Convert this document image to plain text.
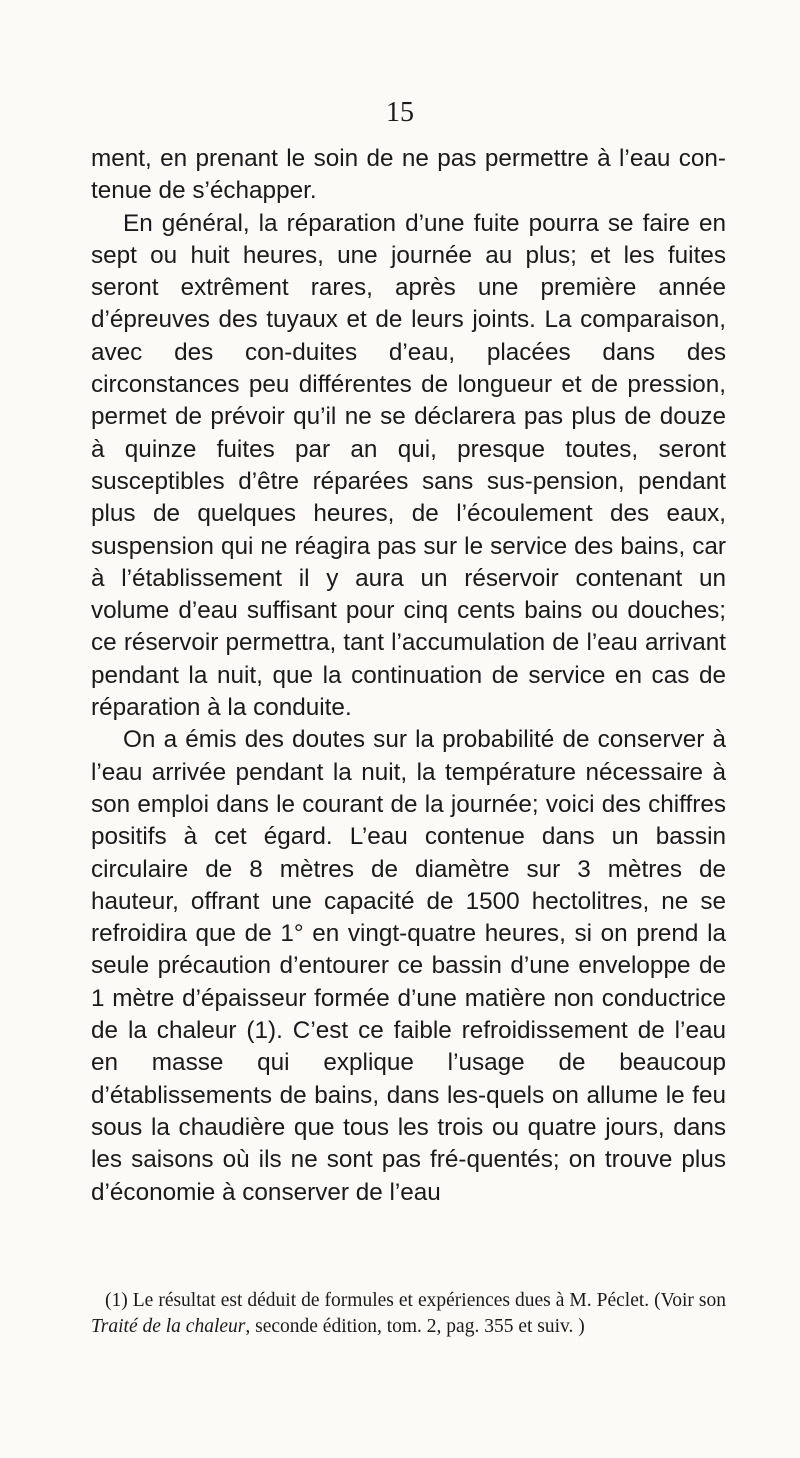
15

ment, en prenant le soin de ne pas permettre à l’eau con-tenue de s’échapper.

En général, la réparation d’une fuite pourra se faire en sept ou huit heures, une journée au plus; et les fuites seront extrêment rares, après une première année d’épreuves des tuyaux et de leurs joints. La comparaison, avec des con-duites d’eau, placées dans des circonstances peu différentes de longueur et de pression, permet de prévoir qu’il ne se déclarera pas plus de douze à quinze fuites par an qui, presque toutes, seront susceptibles d’être réparées sans sus-pension, pendant plus de quelques heures, de l’écoulement des eaux, suspension qui ne réagira pas sur le service des bains, car à l’établissement il y aura un réservoir contenant un volume d’eau suffisant pour cinq cents bains ou douches; ce réservoir permettra, tant l’accumulation de l’eau arrivant pendant la nuit, que la continuation de service en cas de réparation à la conduite.

On a émis des doutes sur la probabilité de conserver à l’eau arrivée pendant la nuit, la température nécessaire à son emploi dans le courant de la journée; voici des chiffres positifs à cet égard. L’eau contenue dans un bassin circulaire de 8 mètres de diamètre sur 3 mètres de hauteur, offrant une capacité de 1500 hectolitres, ne se refroidira que de 1° en vingt-quatre heures, si on prend la seule précaution d’entourer ce bassin d’une enveloppe de 1 mètre d’épaisseur formée d’une matière non conductrice de la chaleur (1). C’est ce faible refroidissement de l’eau en masse qui explique l’usage de beaucoup d’établissements de bains, dans les-quels on allume le feu sous la chaudière que tous les trois ou quatre jours, dans les saisons où ils ne sont pas fré-quentés; on trouve plus d’économie à conserver de l’eau

(1) Le résultat est déduit de formules et expériences dues à M. Péclet. (Voir son Traité de la chaleur, seconde édition, tom. 2, pag. 355 et suiv. )
